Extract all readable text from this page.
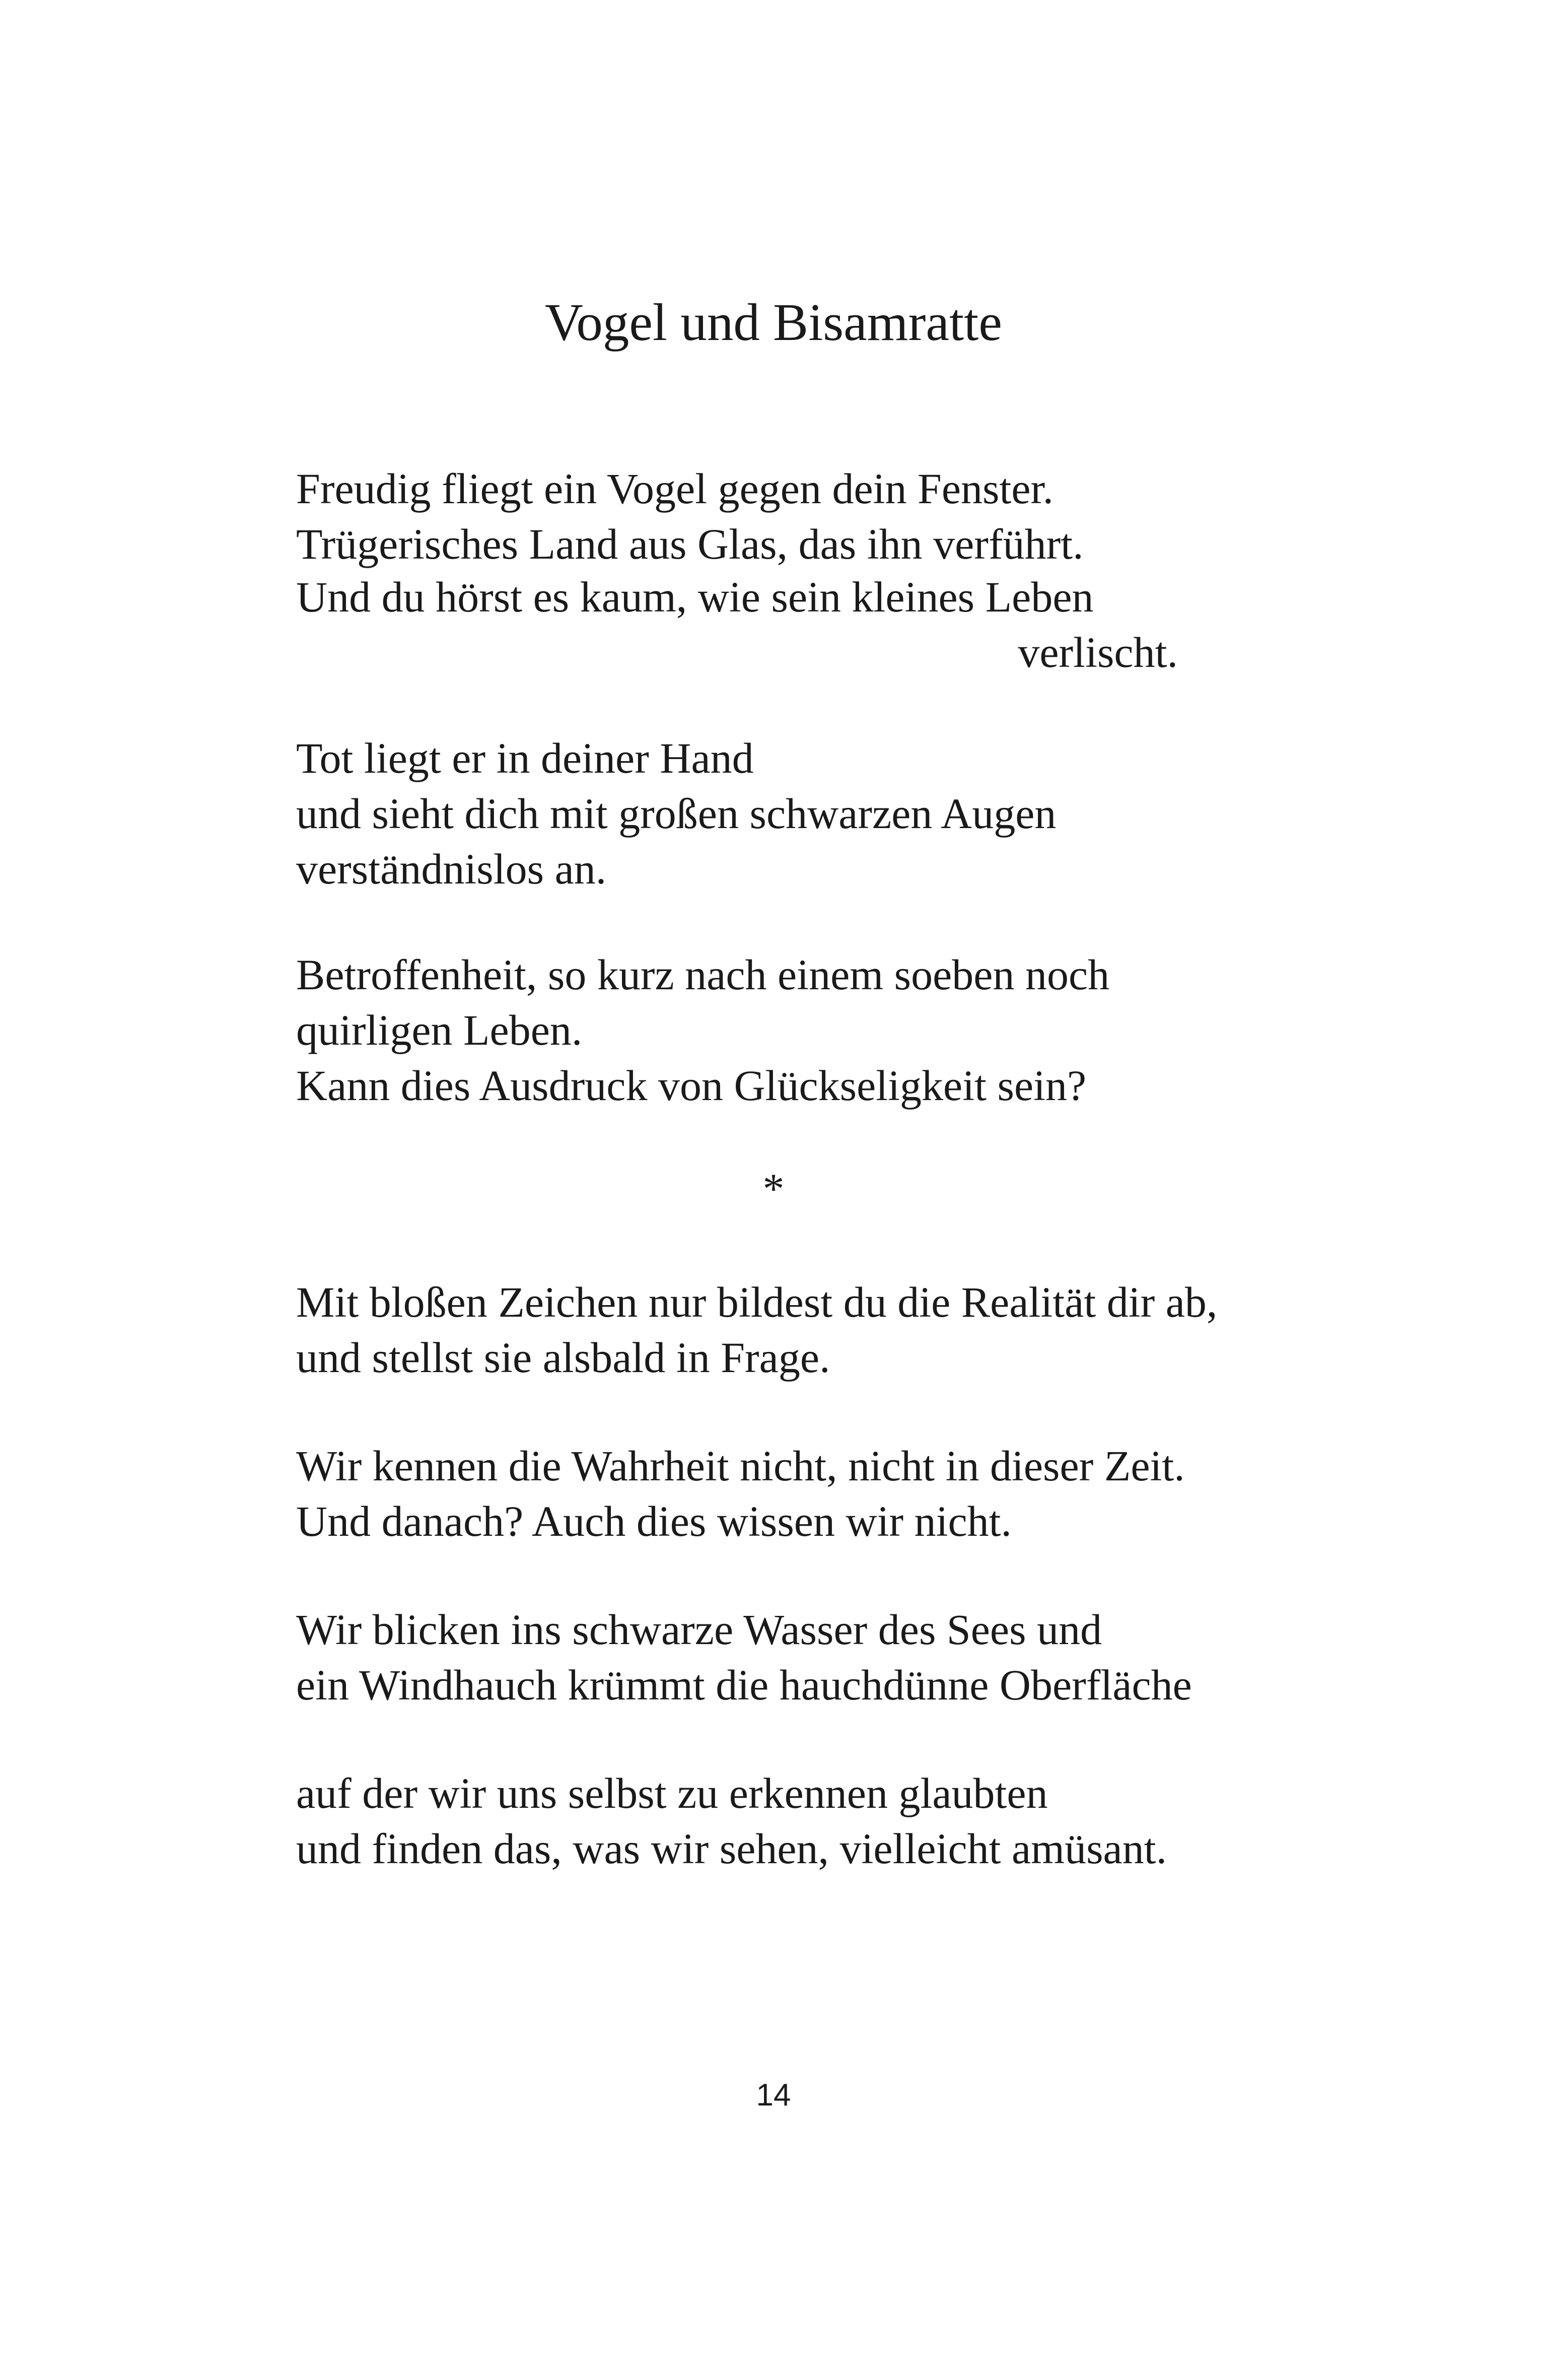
Vogel und Bisamratte

Freudig fliegt ein Vogel gegen dein Fenster.

Trügerisches Land aus Glas, das ihn verführt.

Und du hörst es kaum, wie sein kleines Leben

verlischt.

Tot liegt er in deiner Hand

und sieht dich mit großen schwarzen Augen

verständnislos an.

Betroffenheit, so kurz nach einem soeben noch

quirligen Leben.

Kann dies Ausdruck von Glückseligkeit sein?

*

Mit bloßen Zeichen nur bildest du die Realität dir ab,

und stellst sie alsbald in Frage.

Wir kennen die Wahrheit nicht, nicht in dieser Zeit.

Und danach? Auch dies wissen wir nicht.

Wir blicken ins schwarze Wasser des Sees und

ein Windhauch krümmt die hauchdünne Oberfläche

auf der wir uns selbst zu erkennen glaubten

und finden das, was wir sehen, vielleicht amüsant.

14
